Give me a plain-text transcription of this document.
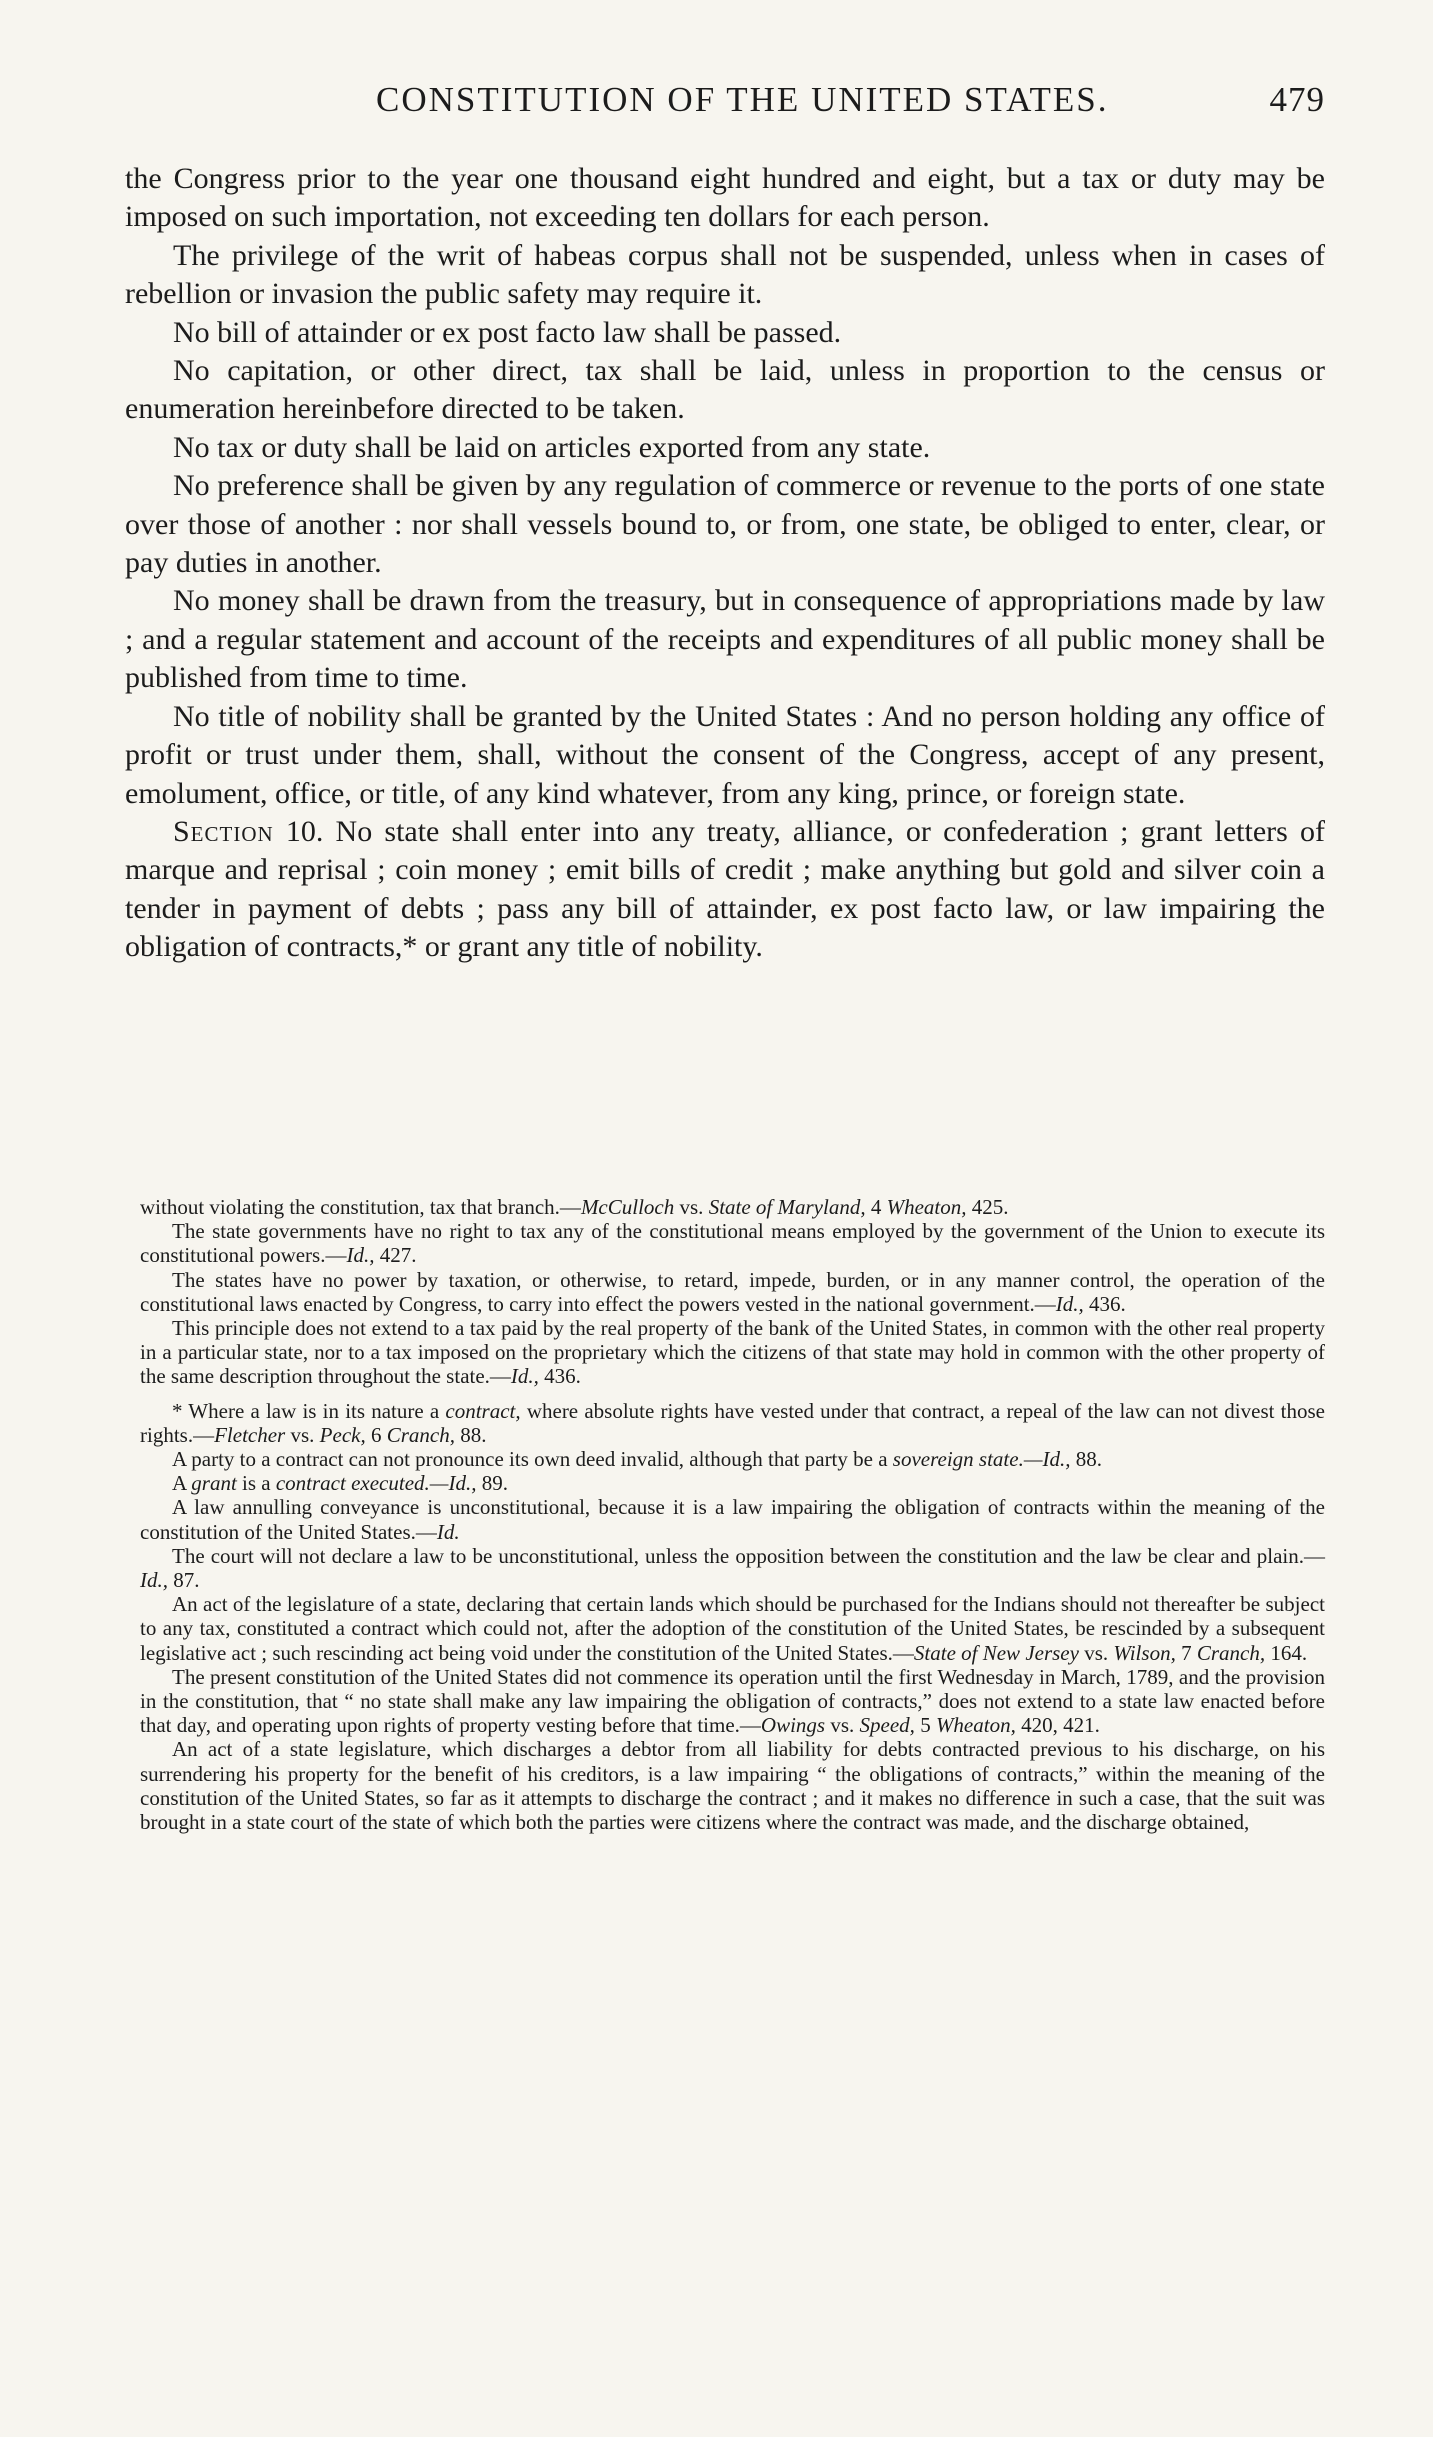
CONSTITUTION OF THE UNITED STATES.	479

the Congress prior to the year one thousand eight hundred and eight, but a tax or duty may be imposed on such importation, not exceeding ten dollars for each person.

The privilege of the writ of habeas corpus shall not be suspended, unless when in cases of rebellion or invasion the public safety may require it.

No bill of attainder or ex post facto law shall be passed.

No capitation, or other direct, tax shall be laid, unless in proportion to the census or enumeration hereinbefore directed to be taken.

No tax or duty shall be laid on articles exported from any state.

No preference shall be given by any regulation of commerce or revenue to the ports of one state over those of another : nor shall vessels bound to, or from, one state, be obliged to enter, clear, or pay duties in another.

No money shall be drawn from the treasury, but in consequence of appropriations made by law ; and a regular statement and account of the receipts and expenditures of all public money shall be published from time to time.

No title of nobility shall be granted by the United States : And no person holding any office of profit or trust under them, shall, without the consent of the Congress, accept of any present, emolument, office, or title, of any kind whatever, from any king, prince, or foreign state.

Section 10. No state shall enter into any treaty, alliance, or confederation ; grant letters of marque and reprisal ; coin money ; emit bills of credit ; make anything but gold and silver coin a tender in payment of debts ; pass any bill of attainder, ex post facto law, or law impairing the obligation of contracts,* or grant any title of nobility.

without violating the constitution, tax that branch.—McCulloch vs. State of Maryland, 4 Wheaton, 425.

The state governments have no right to tax any of the constitutional means employed by the government of the Union to execute its constitutional powers.—Id., 427.

The states have no power by taxation, or otherwise, to retard, impede, burden, or in any manner control, the operation of the constitutional laws enacted by Congress, to carry into effect the powers vested in the national government.—Id., 436.

This principle does not extend to a tax paid by the real property of the bank of the United States, in common with the other real property in a particular state, nor to a tax imposed on the proprietary which the citizens of that state may hold in common with the other property of the same description throughout the state.—Id., 436.

* Where a law is in its nature a contract, where absolute rights have vested under that contract, a repeal of the law can not divest those rights.—Fletcher vs. Peck, 6 Cranch, 88.

A party to a contract can not pronounce its own deed invalid, although that party be a sovereign state.—Id., 88.

A grant is a contract executed.—Id., 89.

A law annulling conveyance is unconstitutional, because it is a law impairing the obligation of contracts within the meaning of the constitution of the United States.—Id.

The court will not declare a law to be unconstitutional, unless the opposition between the constitution and the law be clear and plain.—Id., 87.

An act of the legislature of a state, declaring that certain lands which should be purchased for the Indians should not thereafter be subject to any tax, constituted a contract which could not, after the adoption of the constitution of the United States, be rescinded by a subsequent legislative act ; such rescinding act being void under the constitution of the United States.—State of New Jersey vs. Wilson, 7 Cranch, 164.

The present constitution of the United States did not commence its operation until the first Wednesday in March, 1789, and the provision in the constitution, that “ no state shall make any law impairing the obligation of contracts,” does not extend to a state law enacted before that day, and operating upon rights of property vesting before that time.—Owings vs. Speed, 5 Wheaton, 420, 421.

An act of a state legislature, which discharges a debtor from all liability for debts contracted previous to his discharge, on his surrendering his property for the benefit of his creditors, is a law impairing “ the obligations of contracts,” within the meaning of the constitution of the United States, so far as it attempts to discharge the contract ; and it makes no difference in such a case, that the suit was brought in a state court of the state of which both the parties were citizens where the contract was made, and the discharge obtained,
